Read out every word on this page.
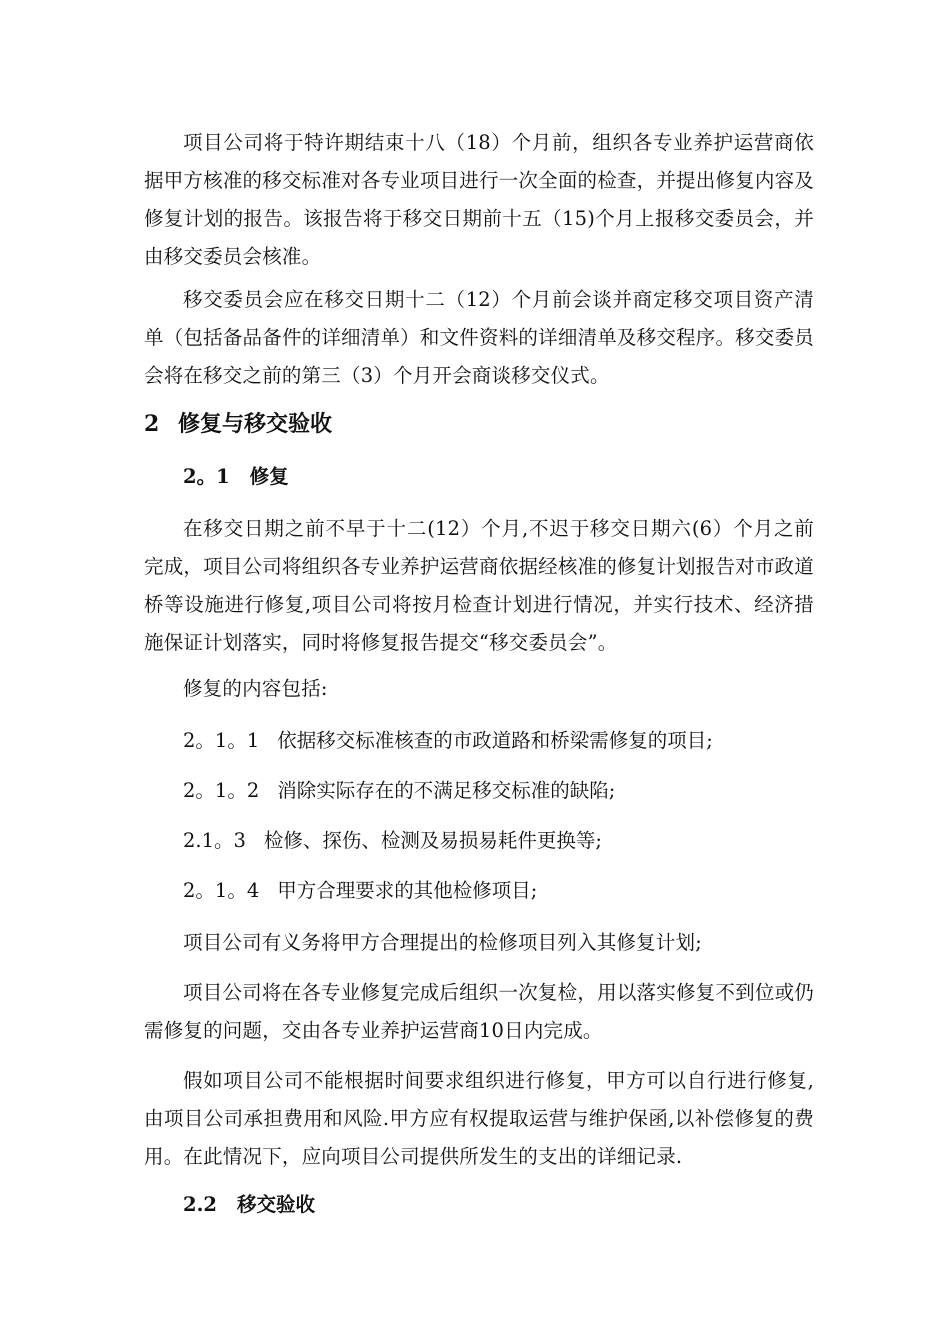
项目公司将于特许期结束十八（18）个月前，组织各专业养护运营商依据甲方核准的移交标准对各专业项目进行一次全面的检查，并提出修复内容及修复计划的报告。该报告将于移交日期前十五（15)个月上报移交委员会，并由移交委员会核准。

移交委员会应在移交日期十二（12）个月前会谈并商定移交项目资产清单（包括备品备件的详细清单）和文件资料的详细清单及移交程序。移交委员会将在移交之前的第三（3）个月开会商谈移交仪式。

2 修复与移交验收
2。1 修复

在移交日期之前不早于十二(12）个月,不迟于移交日期六(6）个月之前完成，项目公司将组织各专业养护运营商依据经核准的修复计划报告对市政道桥等设施进行修复,项目公司将按月检查计划进行情况，并实行技术、经济措施保证计划落实，同时将修复报告提交“移交委员会”。

修复的内容包括:

2。1。1 依据移交标准核查的市政道路和桥梁需修复的项目;

2。1。2 消除实际存在的不满足移交标准的缺陷;

2.1。3 检修、探伤、检测及易损易耗件更换等;

2。1。4 甲方合理要求的其他检修项目;

项目公司有义务将甲方合理提出的检修项目列入其修复计划;

项目公司将在各专业修复完成后组织一次复检，用以落实修复不到位或仍需修复的问题，交由各专业养护运营商10日内完成。

假如项目公司不能根据时间要求组织进行修复，甲方可以自行进行修复,由项目公司承担费用和风险.甲方应有权提取运营与维护保函,以补偿修复的费用。在此情况下，应向项目公司提供所发生的支出的详细记录.

2.2 移交验收
